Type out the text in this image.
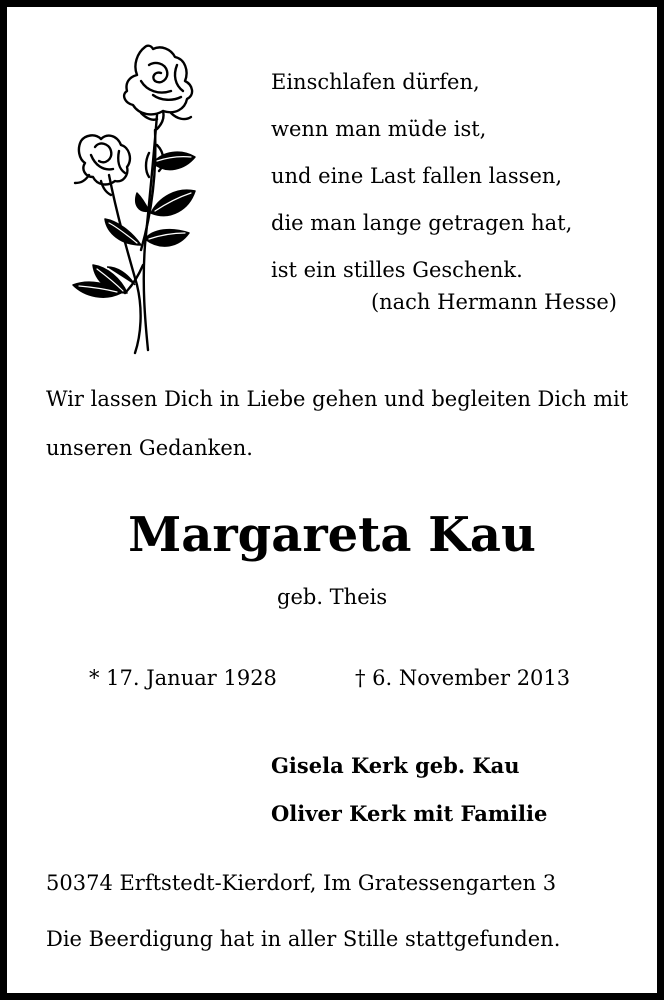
Einschlafen dürfen,
wenn man müde ist,
und eine Last fallen lassen,
die man lange getragen hat,
ist ein stilles Geschenk.
(nach Hermann Hesse)
Wir lassen Dich in Liebe gehen und begleiten Dich mit unseren Gedanken.
Margareta Kau
geb. Theis
* 17. Januar 1928	† 6. November 2013
Gisela Kerk geb. Kau
Oliver Kerk mit Familie
50374 Erftstedt-Kierdorf, Im Gratessengarten 3
Die Beerdigung hat in aller Stille stattgefunden.
